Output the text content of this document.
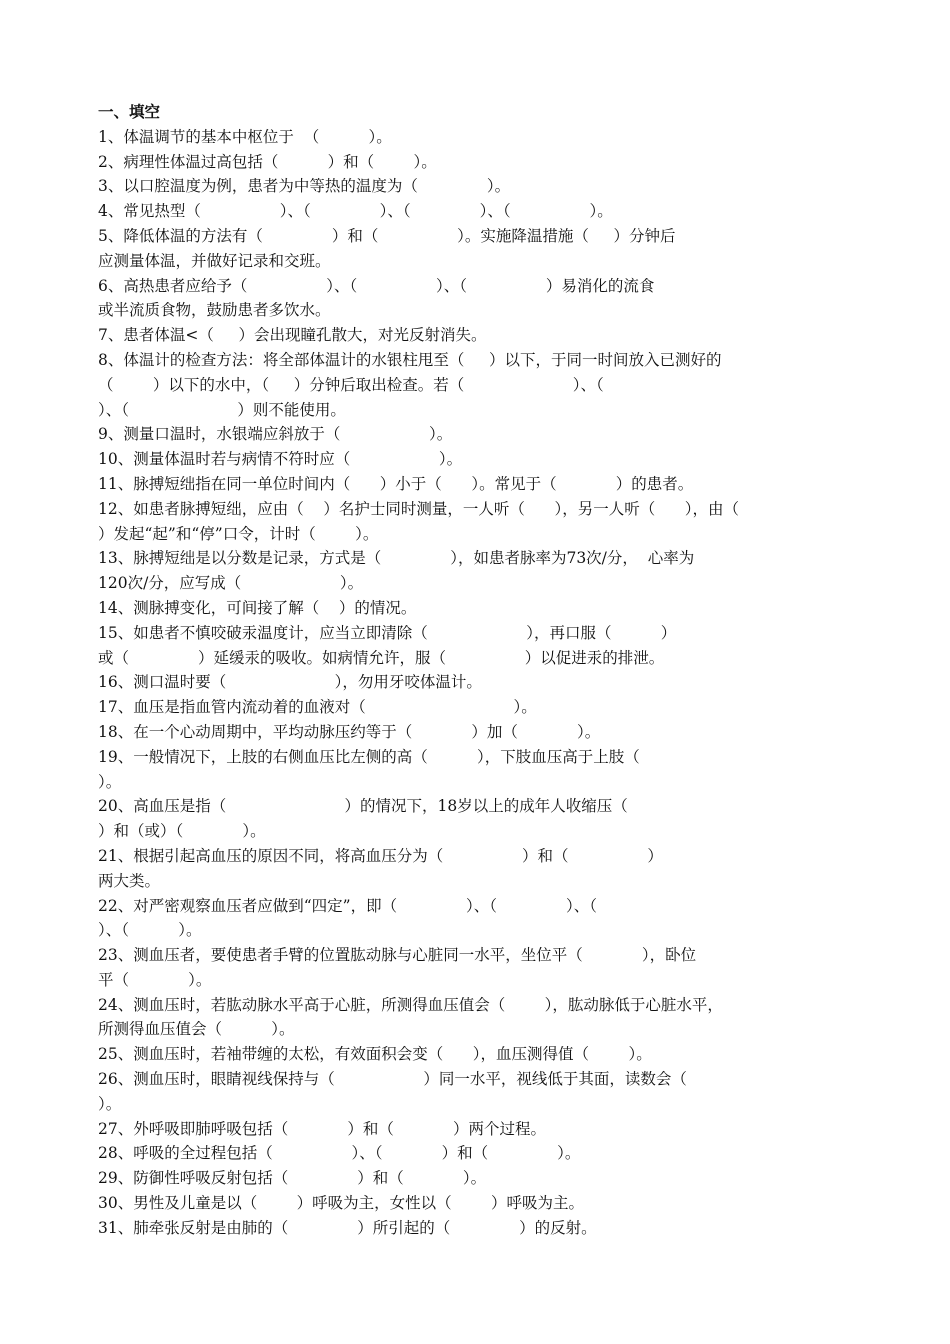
一、填空
1、体温调节的基本中枢位于  （          ）。
2、病理性体温过高包括（          ）和（        ）。
3、以口腔温度为例，患者为中等热的温度为（              ）。
4、常见热型（                ）、（              ）、（              ）、（                ）。
5、降低体温的方法有（              ）和（                ）。实施降温措施（     ）分钟后
应测量体温，并做好记录和交班。
6、高热患者应给予（                ）、（                ）、（                ）易消化的流食
或半流质食物，鼓励患者多饮水。
7、患者体温<（     ）会出现瞳孔散大，对光反射消失。
8、体温计的检查方法：将全部体温计的水银柱甩至（     ）以下，于同一时间放入已测好的
（        ）以下的水中，（     ）分钟后取出检查。若（                      ）、（
）、（                      ）则不能使用。
9、测量口温时，水银端应斜放于（                  ）。
10、测量体温时若与病情不符时应（                  ）。
11、脉搏短绌指在同一单位时间内（      ）小于（      ）。常见于（            ）的患者。
12、如患者脉搏短绌，应由（    ）名护士同时测量，一人听（      ），另一人听（      ），由（
）发起“起”和“停”口令，计时（        ）。
13、脉搏短绌是以分数是记录，方式是（              ），如患者脉率为73次/分，  心率为
120次/分，应写成（                    ）。
14、测脉搏变化，可间接了解（    ）的情况。
15、如患者不慎咬破汞温度计，应当立即清除（                    ），再口服（          ）
或（              ）延缓汞的吸收。如病情允许，服（                ）以促进汞的排泄。
16、测口温时要（                      ），勿用牙咬体温计。
17、血压是指血管内流动着的血液对（                              ）。
18、在一个心动周期中，平均动脉压约等于（            ）加（            ）。
19、一般情况下，上肢的右侧血压比左侧的高（          ），下肢血压高于上肢（
）。
20、高血压是指（                        ）的情况下，18岁以上的成年人收缩压（
）和（或）（            ）。
21、根据引起高血压的原因不同，将高血压分为（                ）和（                ）
两大类。
22、对严密观察血压者应做到“四定”，即（              ）、（              ）、（
）、（          ）。
23、测血压者，要使患者手臂的位置肱动脉与心脏同一水平，坐位平（            ），卧位
平（            ）。
24、测血压时，若肱动脉水平高于心脏，所测得血压值会（        ），肱动脉低于心脏水平，
所测得血压值会（          ）。
25、测血压时，若袖带缠的太松，有效面积会变（      ），血压测得值（        ）。
26、测血压时，眼睛视线保持与（                  ）同一水平，视线低于其面，读数会（
）。
27、外呼吸即肺呼吸包括（            ）和（            ）两个过程。
28、呼吸的全过程包括（                ）、（            ）和（              ）。
29、防御性呼吸反射包括（              ）和（            ）。
30、男性及儿童是以（        ）呼吸为主，女性以（        ）呼吸为主。
31、肺牵张反射是由肺的（              ）所引起的（              ）的反射。
